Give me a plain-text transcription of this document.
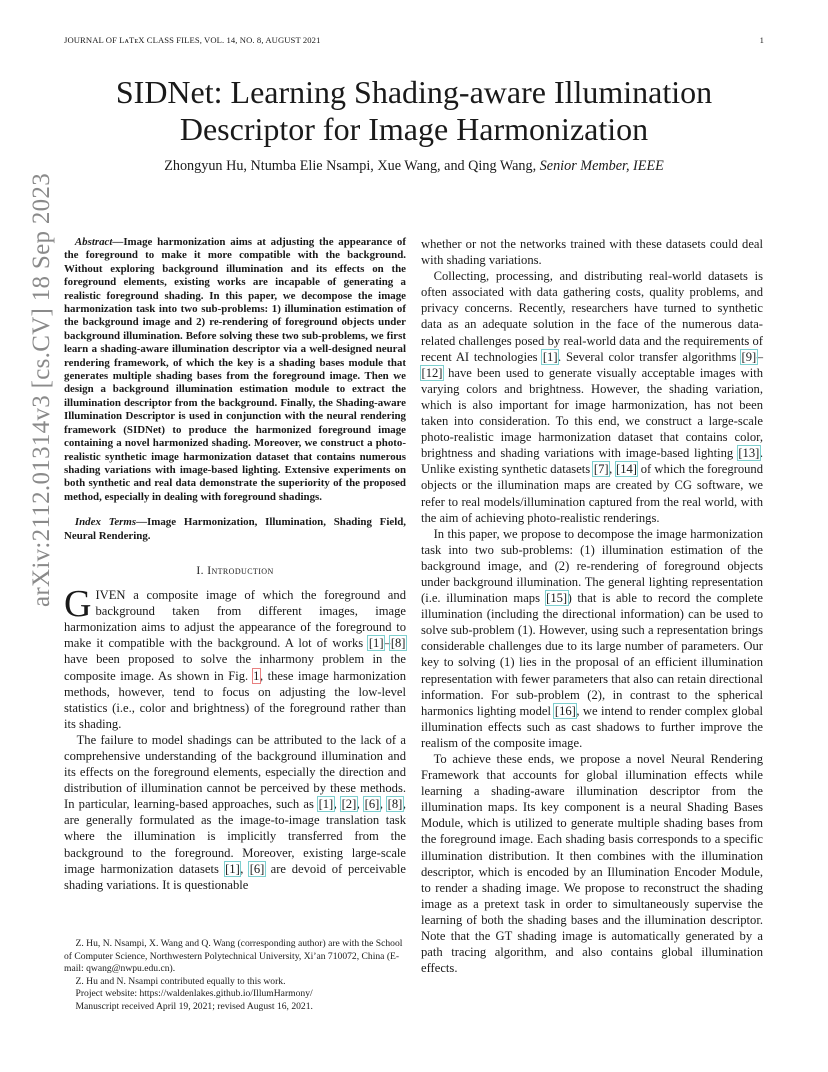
JOURNAL OF LᴀTᴇX CLASS FILES, VOL. 14, NO. 8, AUGUST 2021	1
arXiv:2112.01314v3 [cs.CV] 18 Sep 2023
SIDNet: Learning Shading-aware Illumination
Descriptor for Image Harmonization
Zhongyun Hu, Ntumba Elie Nsampi, Xue Wang, and Qing Wang, Senior Member, IEEE

Abstract—Image harmonization aims at adjusting the appearance of the foreground to make it more compatible with the background. Without exploring background illumination and its effects on the foreground elements, existing works are incapable of generating a realistic foreground shading. In this paper, we decompose the image harmonization task into two sub-problems: 1) illumination estimation of the background image and 2) re-rendering of foreground objects under background illumination. Before solving these two sub-problems, we first learn a shading-aware illumination descriptor via a well-designed neural rendering framework, of which the key is a shading bases module that generates multiple shading bases from the foreground image. Then we design a background illumination estimation module to extract the illumination descriptor from the background. Finally, the Shading-aware Illumination Descriptor is used in conjunction with the neural rendering framework (SIDNet) to produce the harmonized foreground image containing a novel harmonized shading. Moreover, we construct a photo-realistic synthetic image harmonization dataset that contains numerous shading variations with image-based lighting. Extensive experiments on both synthetic and real data demonstrate the superiority of the proposed method, especially in dealing with foreground shadings.

Index Terms—Image Harmonization, Illumination, Shading Field, Neural Rendering.

I. Introduction

GIVEN a composite image of which the foreground and background taken from different images, image harmonization aims to adjust the appearance of the foreground to make it compatible with the background. A lot of works [1]–[8] have been proposed to solve the inharmony problem in the composite image. As shown in Fig. 1, these image harmonization methods, however, tend to focus on adjusting the low-level statistics (i.e., color and brightness) of the foreground rather than its shading.

The failure to model shadings can be attributed to the lack of a comprehensive understanding of the background illumination and its effects on the foreground elements, especially the direction and distribution of illumination cannot be perceived by these methods. In particular, learning-based approaches, such as [1], [2], [6], [8], are generally formulated as the image-to-image translation task where the illumination is implicitly transferred from the background to the foreground. Moreover, existing large-scale image harmonization datasets [1], [6] are devoid of perceivable shading variations. It is questionable

Z. Hu, N. Nsampi, X. Wang and Q. Wang (corresponding author) are with the School of Computer Science, Northwestern Polytechnical University, Xi’an 710072, China (E-mail: qwang@nwpu.edu.cn).

Z. Hu and N. Nsampi contributed equally to this work.

Project website: https://waldenlakes.github.io/IllumHarmony/

Manuscript received April 19, 2021; revised August 16, 2021.

whether or not the networks trained with these datasets could deal with shading variations.

Collecting, processing, and distributing real-world datasets is often associated with data gathering costs, quality problems, and privacy concerns. Recently, researchers have turned to synthetic data as an adequate solution in the face of the numerous data-related challenges posed by real-world data and the requirements of recent AI technologies [1]. Several color transfer algorithms [9]–[12] have been used to generate visually acceptable images with varying colors and brightness. However, the shading variation, which is also important for image harmonization, has not been taken into consideration. To this end, we construct a large-scale photo-realistic image harmonization dataset that contains color, brightness and shading variations with image-based lighting [13]. Unlike existing synthetic datasets [7], [14] of which the foreground objects or the illumination maps are created by CG software, we refer to real models/illumination captured from the real world, with the aim of achieving photo-realistic renderings.

In this paper, we propose to decompose the image harmonization task into two sub-problems: (1) illumination estimation of the background image, and (2) re-rendering of foreground objects under background illumination. The general lighting representation (i.e. illumination maps [15]) that is able to record the complete illumination (including the directional information) can be used to solve sub-problem (1). However, using such a representation brings considerable challenges due to its large number of parameters. Our key to solving (1) lies in the proposal of an efficient illumination representation with fewer parameters that also can retain directional information. For sub-problem (2), in contrast to the spherical harmonics lighting model [16], we intend to render complex global illumination effects such as cast shadows to further improve the realism of the composite image.

To achieve these ends, we propose a novel Neural Rendering Framework that accounts for global illumination effects while learning a shading-aware illumination descriptor from the illumination maps. Its key component is a neural Shading Bases Module, which is utilized to generate multiple shading bases from the foreground image. Each shading basis corresponds to a specific illumination distribution. It then combines with the illumination descriptor, which is encoded by an Illumination Encoder Module, to render a shading image. We propose to reconstruct the shading image as a pretext task in order to simultaneously supervise the learning of both the shading bases and the illumination descriptor. Note that the GT shading image is automatically generated by a path tracing algorithm, and also contains global illumination effects.
